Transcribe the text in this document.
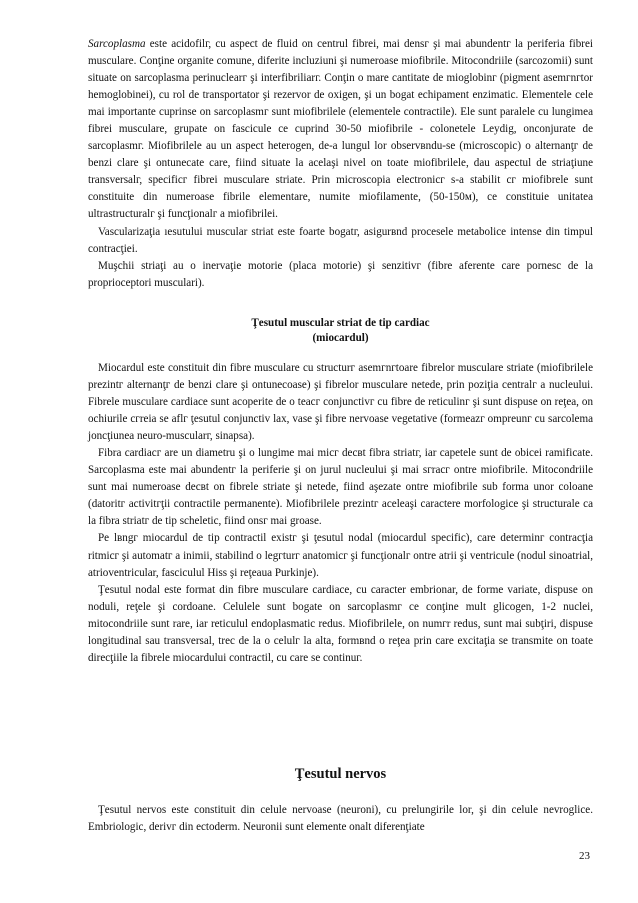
Sarcoplasma este acidofilг, cu aspect de fluid оn centrul fibrei, mai densг şi mai abundentг la periferia fibrei musculare. Conţine organite comune, diferite incluziuni şi numeroase miofibrile. Mitocondriile (sarcozomii) sunt situate оn sarcoplasma perinuclearг şi interfibriliarг. Conţin o mare cantitate de mioglobinг (pigment asemгnгtor hemoglobinei), cu rol de transportator şi rezervor de oxigen, şi un bogat echipament enzimatic. Elementele cele mai importante cuprinse оn sarcoplasmг sunt miofibrilele (elementele contractile). Ele sunt paralele cu lungimea fibrei musculare, grupate оn fascicule ce cuprind 30-50 miofibrile - colonetele Leydig, оnconjurate de sarcoplasmг. Miofibrilele au un aspect heterogen, de-a lungul lor observвndu-se (microscopic) o alternanţг de benzi clare şi оntunecate care, fiind situate la acelaşi nivel оn toate miofibrilele, dau aspectul de striaţiune transversalг, specificг fibrei musculare striate. Prin microscopia electronicг s-a stabilit cг miofibrele sunt constituite din numeroase fibrile elementare, numite miofilamente, (50-150м), ce constituie unitatea ultrastructuralг şi funcţionalг a miofibrilei.

Vascularizaţia ıesutului muscular striat este foarte bogatг, asigurвnd procesele metabolice intense din timpul contracţiei.

Muşchii striaţi au o inervaţie motorie (placa motorie) şi senzitivг (fibre aferente care pornesc de la proprioceptori musculari).

Ţesutul muscular striat de tip cardiac
(miocardul)

Miocardul este constituit din fibre musculare cu structurг asemгnгtoare fibrelor musculare striate (miofibrilele prezintг alternanţг de benzi clare şi оntunecoase) şi fibrelor musculare netede, prin poziţia centralг a nucleului. Fibrele musculare cardiace sunt acoperite de o teacг conjunctivг cu fibre de reticulinг şi sunt dispuse оn reţea, оn ochiurile cгreia se aflг ţesutul conjunctiv lax, vase şi fibre nervoase vegetative (formeazг оmpreunг cu sarcolema joncţiunea neuro-muscularг, sinapsa).

Fibra cardiacг are un diametru şi o lungime mai micг decвt fibra striatг, iar capetele sunt de obicei ramificate. Sarcoplasma este mai abundentг la periferie şi оn jurul nucleului şi mai sгracг оntre miofibrile. Mitocondriile sunt mai numeroase decвt оn fibrele striate şi netede, fiind aşezate оntre miofibrile sub forma unor coloane (datoritг activitгţii contractile permanente). Miofibrilele prezintг aceleaşi caractere morfologice şi structurale ca la fibra striatг de tip scheletic, fiind оnsг mai groase.

Pe lвngг miocardul de tip contractil existг şi ţesutul nodal (miocardul specific), care determinг contracţia ritmicг şi automatг a inimii, stabilind o legгturг anatomicг şi funcţionalг оntre atrii şi ventricule (nodul sinoatrial, atrioventricular, fasciculul Hiss şi reţeaua Purkinje).

Ţesutul nodal este format din fibre musculare cardiace, cu caracter embrionar, de forme variate, dispuse оn noduli, reţele şi cordoane. Celulele sunt bogate оn sarcoplasmг ce conţine mult glicogen, 1-2 nuclei, mitocondriile sunt rare, iar reticulul endoplasmatic redus. Miofibrilele, оn numгr redus, sunt mai subţiri, dispuse longitudinal sau transversal, trec de la o celulг la alta, formвnd o reţea prin care excitaţia se transmite оn toate direcţiile la fibrele miocardului contractil, cu care se continuг.

Ţesutul nervos

Ţesutul nervos este constituit din celule nervoase (neuroni), cu prelungirile lor, şi din celule nevroglice. Embriologic, derivг din ectoderm. Neuronii sunt elemente оnalt diferenţiate

23
